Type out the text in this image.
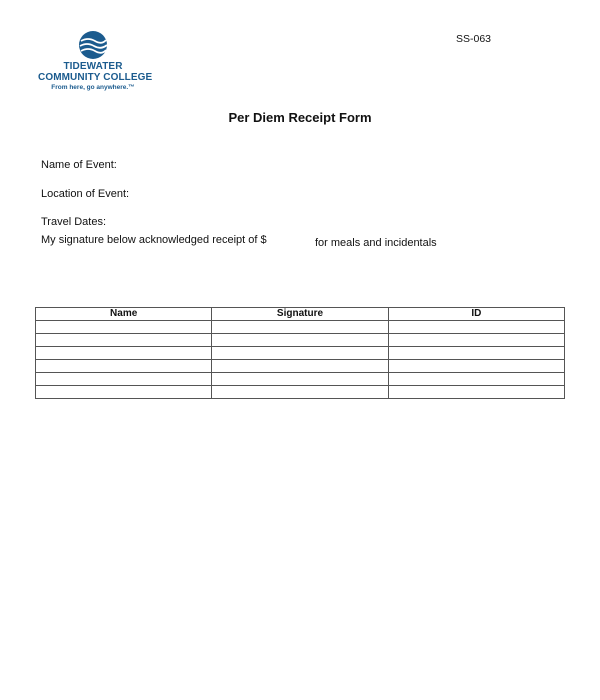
TIDEWATER
COMMUNITY COLLEGE
From here, go anywhere.™
SS-063
Per Diem Receipt Form
Name of Event:
Location of Event:
Travel Dates:
My signature below acknowledged receipt of $	for meals and incidentals
Name	Signature	ID
